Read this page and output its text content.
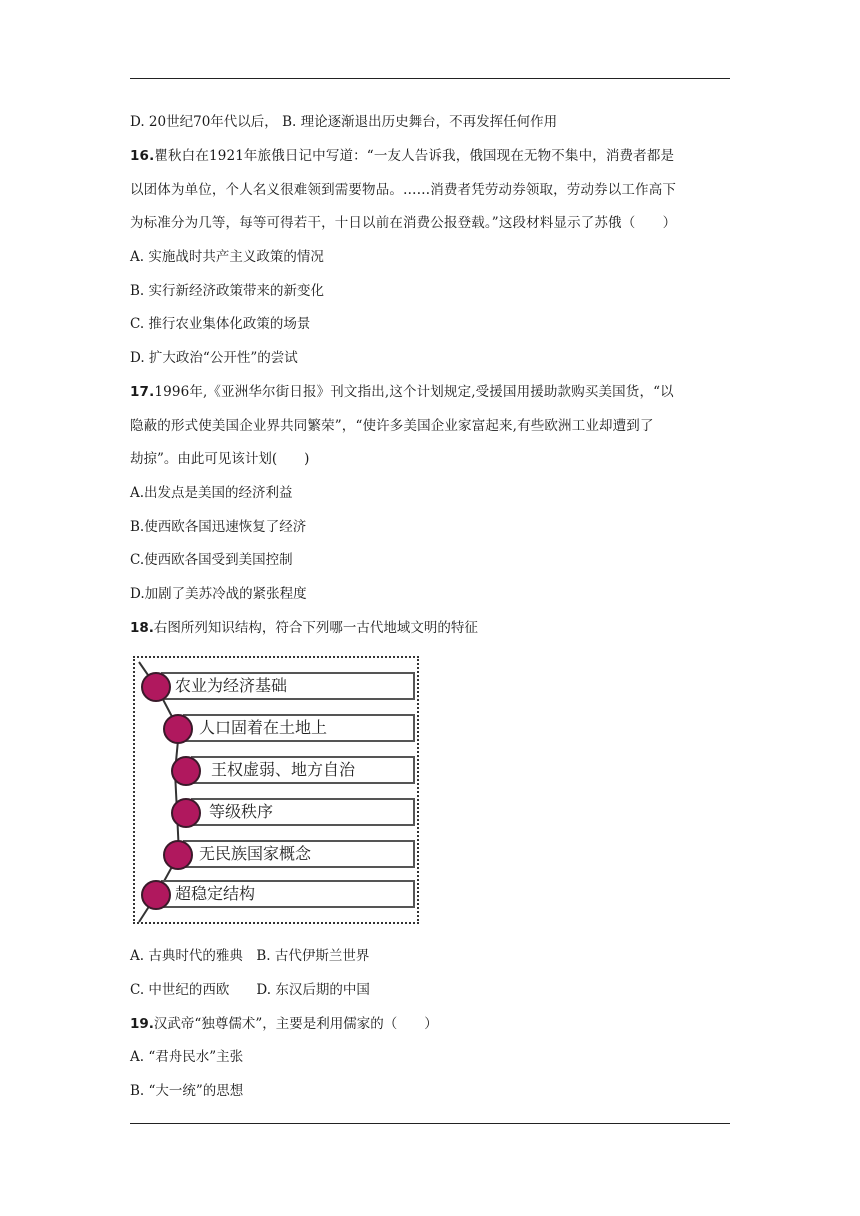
D. 20世纪70年代以后， B. 理论逐渐退出历史舞台，不再发挥任何作用
16.瞿秋白在1921年旅俄日记中写道：“一友人告诉我，俄国现在无物不集中，消费者都是
以团体为单位，个人名义很难领到需要物品。……消费者凭劳动券领取，劳动券以工作高下
为标准分为几等，每等可得若干，十日以前在消费公报登载。”这段材料显示了苏俄（　　）
A. 实施战时共产主义政策的情况
B. 实行新经济政策带来的新变化
C. 推行农业集体化政策的场景
D. 扩大政治“公开性”的尝试
17.1996年,《亚洲华尔街日报》刊文指出,这个计划规定,受援国用援助款购买美国货，“以
隐蔽的形式使美国企业界共同繁荣”，“使许多美国企业家富起来,有些欧洲工业却遭到了
劫掠”。由此可见该计划(　　)
A.出发点是美国的经济利益
B.使西欧各国迅速恢复了经济
C.使西欧各国受到美国控制
D.加剧了美苏冷战的紧张程度
18.右图所列知识结构，符合下列哪一古代地域文明的特征
农业为经济基础
人口固着在土地上
王权虚弱、地方自治
等级秩序
无民族国家概念
超稳定结构
A. 古典时代的雅典　B. 古代伊斯兰世界
C. 中世纪的西欧　　D. 东汉后期的中国
19.汉武帝“独尊儒术”，主要是利用儒家的（　　）
A. “君舟民水”主张
B. “大一统”的思想
